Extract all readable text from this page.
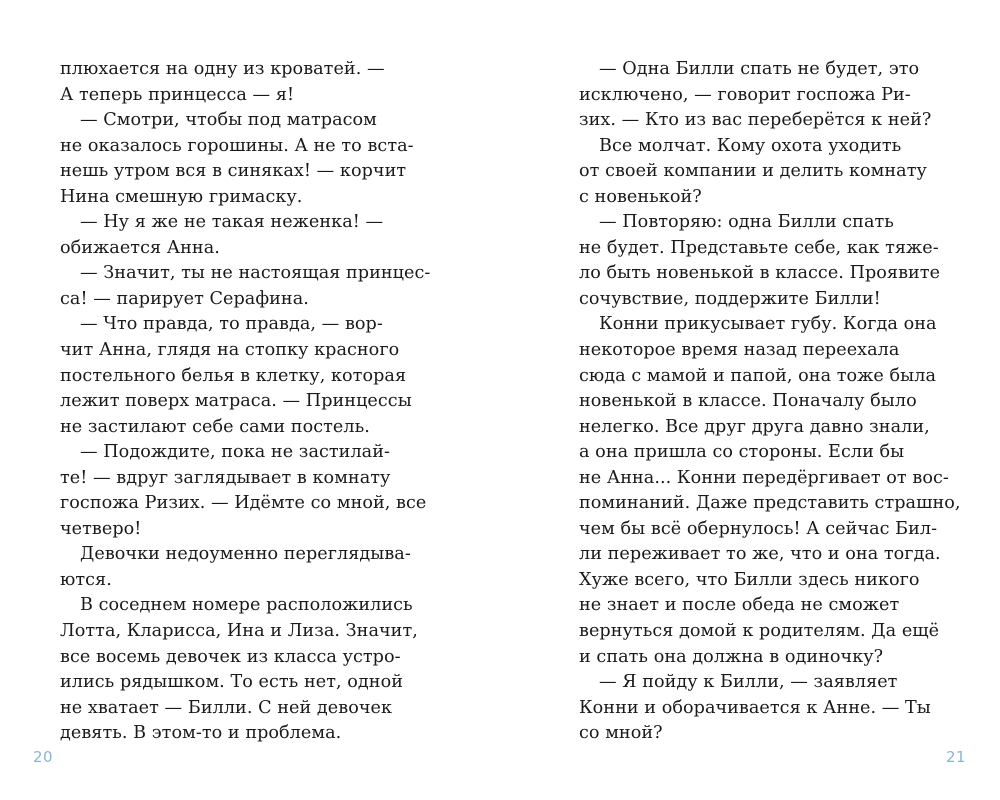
плюхается на одну из кроватей. —
А теперь принцесса — я!
— Смотри, чтобы под матрасом
не оказалось горошины. А не то вста-
нешь утром вся в синяках! — корчит
Нина смешную гримаску.
— Ну я же не такая неженка! —
обижается Анна.
— Значит, ты не настоящая принцес-
са! — парирует Серафина.
— Что правда, то правда, — вор-
чит Анна, глядя на стопку красного
постельного белья в клетку, которая
лежит поверх матраса. — Принцессы
не застилают себе сами постель.
— Подождите, пока не застилай-
те! — вдруг заглядывает в комнату
госпожа Ризих. — Идёмте со мной, все
четверо!
Девочки недоуменно переглядыва-
ются.
В соседнем номере расположились
Лотта, Кларисса, Ина и Лиза. Значит,
все восемь девочек из класса устро-
ились рядышком. То есть нет, одной
не хватает — Билли. С ней девочек
девять. В этом-то и проблема.
— Одна Билли спать не будет, это
исключено, — говорит госпожа Ри-
зих. — Кто из вас переберётся к ней?
Все молчат. Кому охота уходить
от своей компании и делить комнату
с новенькой?
— Повторяю: одна Билли спать
не будет. Представьте себе, как тяже-
ло быть новенькой в классе. Проявите
сочувствие, поддержите Билли!
Конни прикусывает губу. Когда она
некоторое время назад переехала
сюда с мамой и папой, она тоже была
новенькой в классе. Поначалу было
нелегко. Все друг друга давно знали,
а она пришла со стороны. Если бы
не Анна... Конни передёргивает от вос-
поминаний. Даже представить страшно,
чем бы всё обернулось! А сейчас Бил-
ли переживает то же, что и она тогда.
Хуже всего, что Билли здесь никого
не знает и после обеда не сможет
вернуться домой к родителям. Да ещё
и спать она должна в одиночку?
— Я пойду к Билли, — заявляет
Конни и оборачивается к Анне. — Ты
со мной?
20	21
